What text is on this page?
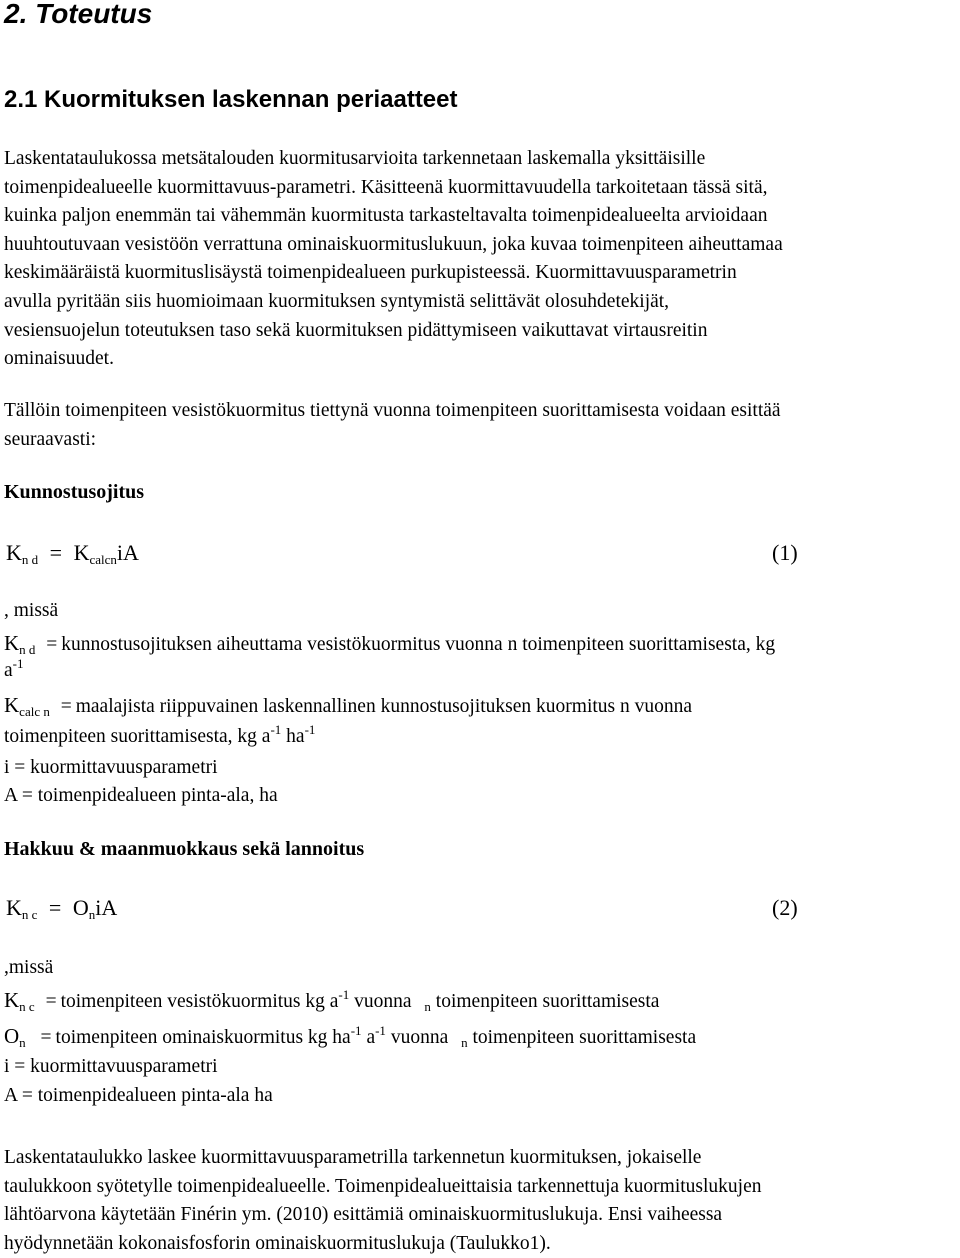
2. Toteutus
2.1 Kuormituksen laskennan periaatteet
Laskentataulukossa metsätalouden kuormitusarvioita tarkennetaan laskemalla yksittäisille
toimenpidealueelle kuormittavuus-parametri. Käsitteenä kuormittavuudella tarkoitetaan tässä sitä,
kuinka paljon enemmän tai vähemmän kuormitusta tarkasteltavalta toimenpidealueelta arvioidaan
huuhtoutuvaan vesistöön verrattuna ominaiskuormituslukuun, joka kuvaa toimenpiteen aiheuttamaa
keskimääräistä kuormituslisäystä toimenpidealueen purkupisteessä. Kuormittavuusparametrin
avulla pyritään siis huomioimaan kuormituksen syntymistä selittävät olosuhdetekijät,
vesiensuojelun toteutuksen taso sekä kuormituksen pidättymiseen vaikuttavat virtausreitin
ominaisuudet.
Tällöin toimenpiteen vesistökuormitus tiettynä vuonna toimenpiteen suorittamisesta voidaan esittää
seuraavasti:
Kunnostusojitus
$K_{n d} = K_{calcn}iA$	(1)
, missä
$K_{n d}$ = kunnostusojituksen aiheuttama vesistökuormitus vuonna n toimenpiteen suorittamisesta, kg
$a^{-1}$
$K_{calc n}$ = maalajista riippuvainen laskennallinen kunnostusojituksen kuormitus n vuonna
toimenpiteen suorittamisesta, kg $a^{-1}$ $ha^{-1}$
i = kuormittavuusparametri
A = toimenpidealueen pinta-ala, ha
Hakkuu & maanmuokkaus sekä lannoitus
$K_{n c} = O_niA$	(2)
,missä
$K_{n c}$ = toimenpiteen vesistökuormitus kg $a^{-1}$ vuonna $_n$ toimenpiteen suorittamisesta
$O_n$ = toimenpiteen ominaiskuormitus kg $ha^{-1}$ $a^{-1}$ vuonna $_n$ toimenpiteen suorittamisesta
i = kuormittavuusparametri
A = toimenpidealueen pinta-ala ha
Laskentataulukko laskee kuormittavuusparametrilla tarkennetun kuormituksen, jokaiselle
taulukkoon syötetylle toimenpidealueelle. Toimenpidealueittaisia tarkennettuja kuormituslukujen
lähtöarvona käytetään Finérin ym. (2010) esittämiä ominaiskuormituslukuja. Ensi vaiheessa
hyödynnetään kokonaisfosforin ominaiskuormituslukuja (Taulukko1).
